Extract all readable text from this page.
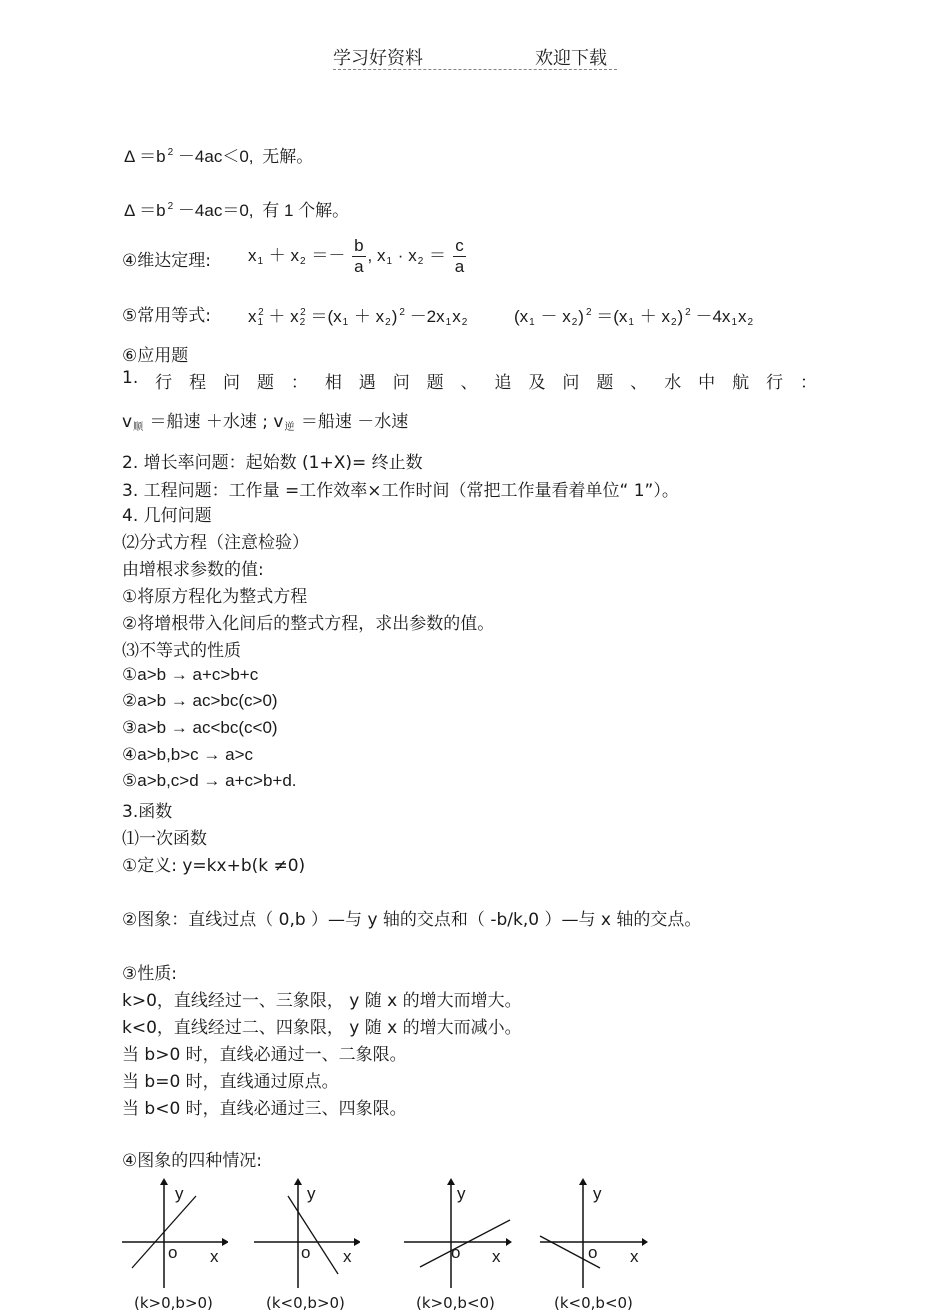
学习好资料	欢迎下载
Δ ＝b $^2$ －4ac＜0, 无解。
Δ ＝b $^2$ －4ac＝0, 有 1 个解。
④维达定理: $x_1 + x_2 =- \frac{b}{a}$ , $x_1 \cdot x_2 = \frac{c}{a}$
⑤常用等式: $x_1^2 + x_2^2 =(x_1 + x_2)$ $^2 -2x_1x_2$	$(x_1 - x_2)$ $^2 =(x_1 + x_2)$ $^2 -4x_1x_2$
⑥应用题
1. 行 程 问 题 ： 相 遇 问 题 、 追 及 问 题 、 水 中 航 行 ：
$v_顺$ ＝船速 ＋水速 ; $v_逆$ ＝船速 －水速
2. 增长率问题：起始数 (1+X)= 终止数
3. 工程问题：工作量 =工作效率×工作时间（常把工作量看着单位“ 1”）。
4. 几何问题
⑵分式方程（注意检验）
由增根求参数的值:
①将原方程化为整式方程
②将增根带入化间后的整式方程，求出参数的值。
⑶不等式的性质
①a>b → a+c>b+c
②a>b → ac>bc(c>0)
③a>b → ac<bc(c<0)
④a>b,b>c → a>c
⑤a>b,c>d → a+c>b+d.
3.函数
⑴一次函数
①定义: y=kx+b(k ≠0)
②图象：直线过点（ 0,b ）—与 y 轴的交点和（ -b/k,0 ）—与 x 轴的交点。
③性质:
k>0，直线经过一、三象限， y 随 x 的增大而增大。
k<0，直线经过二、四象限， y 随 x 的增大而减小。
当 b>0 时，直线必通过一、二象限。
当 b=0 时，直线通过原点。
当 b<0 时，直线必通过三、四象限。
④图象的四种情况:
y
o x
(k>0,b>0)
y
o x
(k<0,b>0)
y
o x
(k>0,b<0)
y
o x
(k<0,b<0)
